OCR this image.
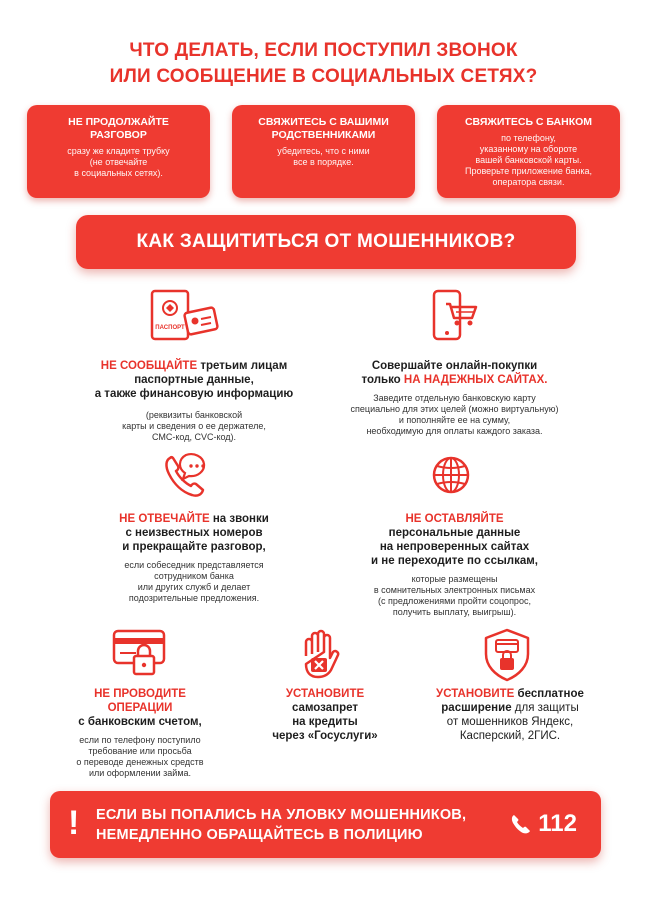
ЧТО ДЕЛАТЬ, ЕСЛИ ПОСТУПИЛ ЗВОНОК
ИЛИ СООБЩЕНИЕ В СОЦИАЛЬНЫХ СЕТЯХ?
НЕ ПРОДОЛЖАЙТЕ
РАЗГОВОР
сразу же кладите трубку
(не отвечайте
в социальных сетях).
СВЯЖИТЕСЬ С ВАШИМИ
РОДСТВЕННИКАМИ
убедитесь, что с ними
все в порядке.
СВЯЖИТЕСЬ С БАНКОМ
по телефону,
указанному на обороте
вашей банковской карты.
Проверьте приложение банка,
оператора связи.
КАК ЗАЩИТИТЬСЯ ОТ МОШЕННИКОВ?
ПАСПОРТ
НЕ СООБЩАЙТЕ третьим лицам
паспортные данные,
а также финансовую информацию
(реквизиты банковской
карты и сведения о ее держателе,
СМС-код, CVC-код).
Совершайте онлайн-покупки
только НА НАДЕЖНЫХ САЙТАХ.
Заведите отдельную банковскую карту
специально для этих целей (можно виртуальную)
и пополняйте ее на сумму,
необходимую для оплаты каждого заказа.
НЕ ОТВЕЧАЙТЕ на звонки
с неизвестных номеров
и прекращайте разговор,
если собеседник представляется
сотрудником банка
или других служб и делает
подозрительные предложения.
НЕ ОСТАВЛЯЙТЕ
персональные данные
на непроверенных сайтах
и не переходите по ссылкам,
которые размещены
в сомнительных электронных письмах
(с предложениями пройти соцопрос,
получить выплату, выигрыш).
НЕ ПРОВОДИТЕ
ОПЕРАЦИИ
с банковским счетом,
если по телефону поступило
требование или просьба
о переводе денежных средств
или оформлении займа.
УСТАНОВИТЕ
самозапрет
на кредиты
через «Госуслуги»
УСТАНОВИТЕ бесплатное
расширение для защиты
от мошенников Яндекс,
Касперский, 2ГИС.
! ЕСЛИ ВЫ ПОПАЛИСЬ НА УЛОВКУ МОШЕННИКОВ,
НЕМЕДЛЕННО ОБРАЩАЙТЕСЬ В ПОЛИЦИЮ	112
